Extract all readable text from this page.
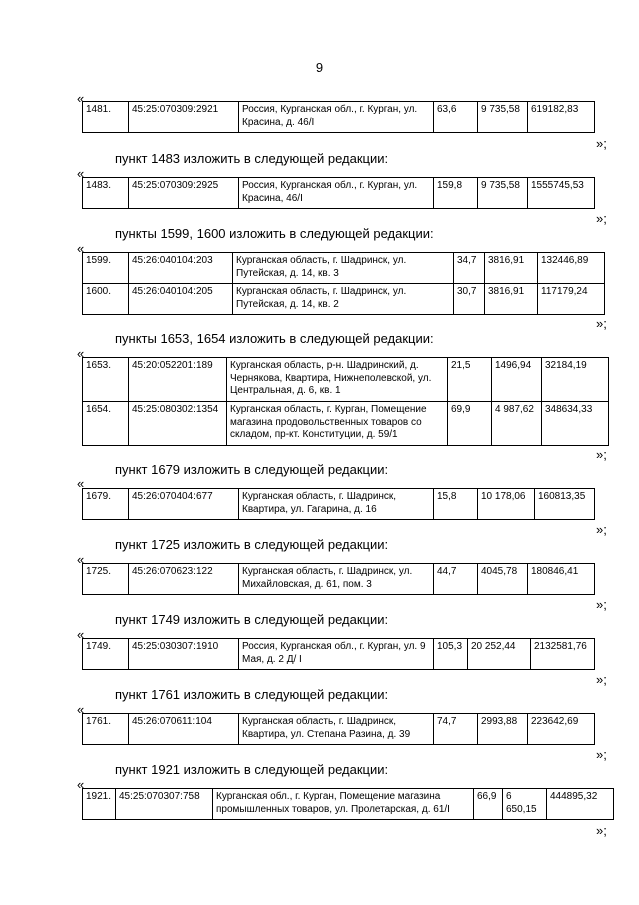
9
«
1481.	45:25:070309:2921	Россия, Курганская обл., г. Курган, ул. Красина, д. 46/I	63,6	9 735,58	619182,83
»;
пункт 1483 изложить в следующей редакции:
«
1483.	45:25:070309:2925	Россия, Курганская обл., г. Курган, ул. Красина, 46/I	159,8	9 735,58	1555745,53
»;
пункты 1599, 1600 изложить в следующей редакции:
«
1599.	45:26:040104:203	Курганская область, г. Шадринск, ул. Путейская, д. 14, кв. 3	34,7	3816,91	132446,89
1600.	45:26:040104:205	Курганская область, г. Шадринск, ул. Путейская, д. 14, кв. 2	30,7	3816,91	117179,24
»;
пункты 1653, 1654 изложить в следующей редакции:
«
1653.	45:20:052201:189	Курганская область, р-н. Шадринский, д. Чернякова, Квартира, Нижнеполевской, ул. Центральная, д. 6, кв. 1	21,5	1496,94	32184,19
1654.	45:25:080302:1354	Курганская область, г. Курган, Помещение магазина продовольственных товаров со складом, пр-кт. Конституции, д. 59/1	69,9	4 987,62	348634,33
»;
пункт 1679 изложить в следующей редакции:
«
1679.	45:26:070404:677	Курганская область, г. Шадринск, Квартира, ул. Гагарина, д. 16	15,8	10 178,06	160813,35
»;
пункт 1725 изложить в следующей редакции:
«
1725.	45:26:070623:122	Курганская область, г. Шадринск, ул. Михайловская, д. 61, пом. 3	44,7	4045,78	180846,41
»;
пункт 1749 изложить в следующей редакции:
«
1749.	45:25:030307:1910	Россия, Курганская обл., г. Курган, ул. 9 Мая, д. 2 Д/ I	105,3	20 252,44	2132581,76
»;
пункт 1761 изложить в следующей редакции:
«
1761.	45:26:070611:104	Курганская область, г. Шадринск, Квартира, ул. Степана Разина, д. 39	74,7	2993,88	223642,69
»;
пункт 1921 изложить в следующей редакции:
«
1921.	45:25:070307:758	Курганская обл., г. Курган, Помещение магазина промышленных товаров, ул. Пролетарская, д. 61/I	66,9	6 650,15	444895,32
»;
